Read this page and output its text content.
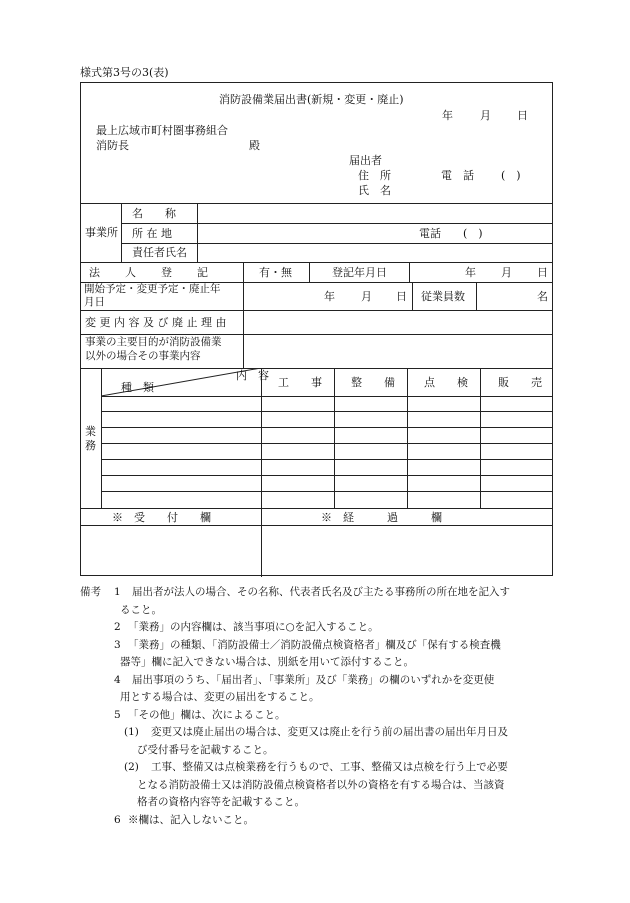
様式第3号の3(表)
消防設備業届出書(新規・変更・廃止)
年 月 日
最上広域市町村圏事務組合
消防長	殿
届出者
住　所	電　話 (　)
氏　名
事業所
名　　称
所 在 地	電話 (　)
責任者氏名
法　　人　　登　　記	有・無	登記年月日	年 月 日
開始予定・変更予定・廃止年
月日	年 月 日 従業員数	名
変 更 内 容 及 び 廃 止 理 由
事業の主要目的が消防設備業
以外の場合その事業内容
業務
内　容
種　類	工　　事	整　　備	点　　検	販　　売
※　受　　付　　欄	※　経　　　過　　　欄
備考 1 届出者が法人の場合、その名称、代表者氏名及び主たる事務所の所在地を記入す
ること。
2 「業務」の内容欄は、該当事項に○を記入すること。
3 「業務」の種類、「消防設備士／消防設備点検資格者」欄及び「保有する検査機
器等」欄に記入できない場合は、別紙を用いて添付すること。
4 届出事項のうち、「届出者」、「事業所」及び「業務」の欄のいずれかを変更使
用とする場合は、変更の届出をすること。
5 「その他」欄は、次によること。
(1) 変更又は廃止届出の場合は、変更又は廃止を行う前の届出書の届出年月日及
び受付番号を記載すること。
(2) 工事、整備又は点検業務を行うもので、工事、整備又は点検を行う上で必要
となる消防設備士又は消防設備点検資格者以外の資格を有する場合は、当該資
格者の資格内容等を記載すること。
6 ※欄は、記入しないこと。
